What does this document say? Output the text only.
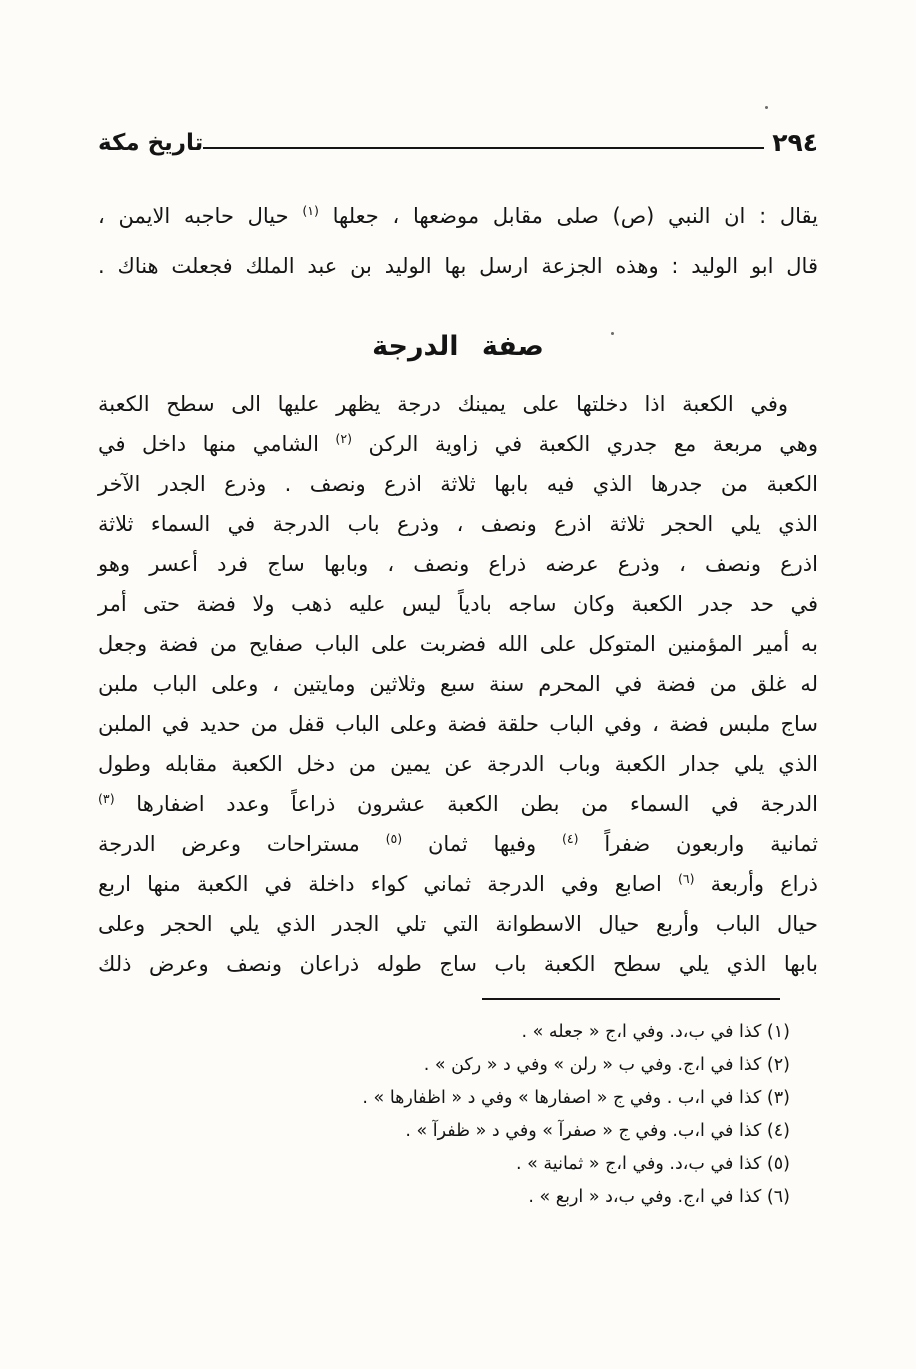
٢٩٤
تاريخ مكة
يقال : ان النبي (ص) صلى مقابل موضعها ، جعلها $^{(١)}$ حيال حاجبه الايمن ،
قال ابو الوليد : وهذه الجزعة ارسل بها الوليد بن عبد الملك فجعلت هناك .
صفة الدرجة
وفي الكعبة اذا دخلتها على يمينك درجة يظهر عليها الى سطح الكعبة
وهي مربعة مع جدري الكعبة في زاوية الركن $^{(٢)}$ الشامي منها داخل في
الكعبة من جدرها الذي فيه بابها ثلاثة اذرع ونصف . وذرع الجدر الآخر
الذي يلي الحجر ثلاثة اذرع ونصف ، وذرع باب الدرجة في السماء ثلاثة
اذرع ونصف ، وذرع عرضه ذراع ونصف ، وبابها ساج فرد أعسر وهو
في حد جدر الكعبة وكان ساجه بادياً ليس عليه ذهب ولا فضة حتى أمر
به أمير المؤمنين المتوكل على الله فضربت على الباب صفايح من فضة وجعل
له غلق من فضة في المحرم سنة سبع وثلاثين ومايتين ، وعلى الباب ملبن
ساج ملبس فضة ، وفي الباب حلقة فضة وعلى الباب قفل من حديد في الملبن
الذي يلي جدار الكعبة وباب الدرجة عن يمين من دخل الكعبة مقابله وطول
الدرجة في السماء من بطن الكعبة عشرون ذراعاً وعدد اضفارها $^{(٣)}$
ثمانية واربعون ضفراً $^{(٤)}$ وفيها ثمان $^{(٥)}$ مستراحات وعرض الدرجة
ذراع وأربعة $^{(٦)}$ اصابع وفي الدرجة ثماني كواء داخلة في الكعبة منها اربع
حيال الباب وأربع حيال الاسطوانة التي تلي الجدر الذي يلي الحجر وعلى
بابها الذي يلي سطح الكعبة باب ساج طوله ذراعان ونصف وعرض ذلك
(١) كذا في ب،د. وفي ا،ج « جعله » .
(٢) كذا في ا،ج. وفي ب « رلن » وفي د « ركن » .
(٣) كذا في ا،ب . وفي ج « اصفارها » وفي د « اظفارها » .
(٤) كذا في ا،ب. وفي ج « صفرآ » وفي د « ظفرآ » .
(٥) كذا في ب،د. وفي ا،ج « ثمانية » .
(٦) كذا في ا،ج. وفي ب،د « اربع » .
